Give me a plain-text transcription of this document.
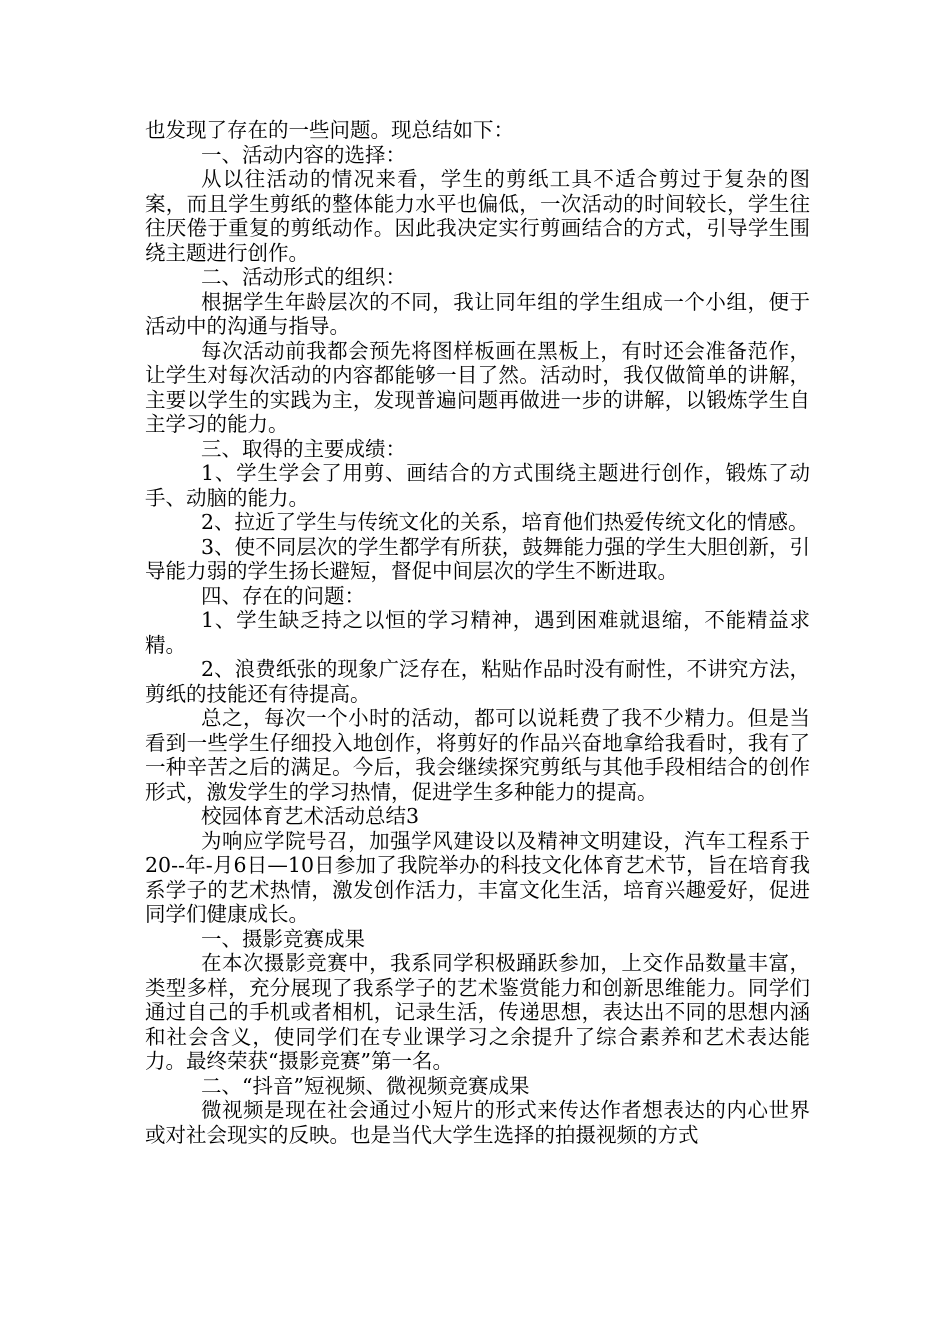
也发现了存在的一些问题。现总结如下：

一、活动内容的选择：

从以往活动的情况来看，学生的剪纸工具不适合剪过于复杂的图案，而且学生剪纸的整体能力水平也偏低，一次活动的时间较长，学生往往厌倦于重复的剪纸动作。因此我决定实行剪画结合的方式，引导学生围绕主题进行创作。

二、活动形式的组织：

根据学生年龄层次的不同，我让同年组的学生组成一个小组，便于活动中的沟通与指导。

每次活动前我都会预先将图样板画在黑板上，有时还会准备范作，让学生对每次活动的内容都能够一目了然。活动时，我仅做简单的讲解，主要以学生的实践为主，发现普遍问题再做进一步的讲解，以锻炼学生自主学习的能力。

三、取得的主要成绩：

1、学生学会了用剪、画结合的方式围绕主题进行创作，锻炼了动手、动脑的能力。

2、拉近了学生与传统文化的关系，培育他们热爱传统文化的情感。

3、使不同层次的学生都学有所获，鼓舞能力强的学生大胆创新，引导能力弱的学生扬长避短，督促中间层次的学生不断进取。

四、存在的问题：

1、学生缺乏持之以恒的学习精神，遇到困难就退缩，不能精益求精。

2、浪费纸张的现象广泛存在，粘贴作品时没有耐性，不讲究方法，剪纸的技能还有待提高。

总之，每次一个小时的活动，都可以说耗费了我不少精力。但是当看到一些学生仔细投入地创作，将剪好的作品兴奋地拿给我看时，我有了一种辛苦之后的满足。今后，我会继续探究剪纸与其他手段相结合的创作形式，激发学生的学习热情，促进学生多种能力的提高。

校园体育艺术活动总结3

为响应学院号召，加强学风建设以及精神文明建设，汽车工程系于20--年-月6日—10日参加了我院举办的科技文化体育艺术节，旨在培育我系学子的艺术热情，激发创作活力，丰富文化生活，培育兴趣爱好，促进同学们健康成长。

一、摄影竞赛成果

在本次摄影竞赛中，我系同学积极踊跃参加，上交作品数量丰富，类型多样，充分展现了我系学子的艺术鉴赏能力和创新思维能力。同学们通过自己的手机或者相机，记录生活，传递思想，表达出不同的思想内涵和社会含义，使同学们在专业课学习之余提升了综合素养和艺术表达能力。最终荣获“摄影竞赛”第一名。

二、“抖音”短视频、微视频竞赛成果

微视频是现在社会通过小短片的形式来传达作者想表达的内心世界或对社会现实的反映。也是当代大学生选择的拍摄视频的方式
